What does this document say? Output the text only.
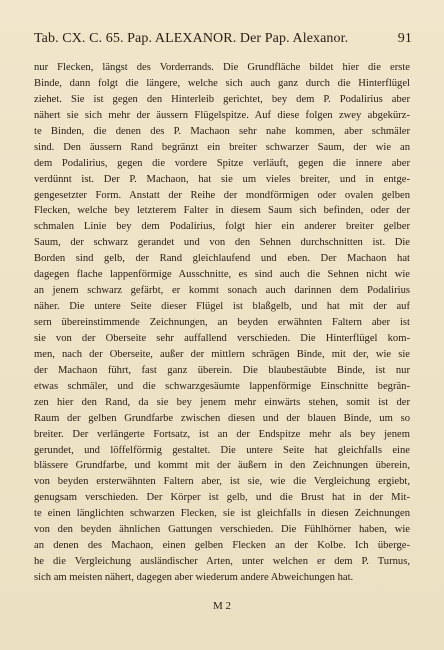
Tab. CX. C. 65. Pap. ALEXANOR. Der Pap. Alexanor.	91
nur Flecken, längst des Vorderrands. Die Grundfläche bildet hier die erste
Binde, dann folgt die längere, welche sich auch ganz durch die Hinterflügel
ziehet. Sie ist gegen den Hinterleib gerichtet, bey dem P. Podalirius aber
nähert sie sich mehr der äussern Flügelspitze. Auf diese folgen zwey abgekürz-
te Binden, die denen des P. Machaon sehr nahe kommen, aber schmäler
sind. Den äussern Rand begränzt ein breiter schwarzer Saum, der wie an
dem Podalirius, gegen die vordere Spitze verläuft, gegen die innere aber
verdünnt ist. Der P. Machaon, hat sie um vieles breiter, und in entge-
gengesetzter Form. Anstatt der Reihe der mondförmigen oder ovalen gelben
Flecken, welche bey letzterem Falter in diesem Saum sich befinden, oder der
schmalen Linie bey dem Podalirius, folgt hier ein anderer breiter gelber
Saum, der schwarz gerandet und von den Sehnen durchschnitten ist. Die
Borden sind gelb, der Rand gleichlaufend und eben. Der Machaon hat
dagegen flache lappenförmige Ausschnitte, es sind auch die Sehnen nicht wie
an jenem schwarz gefärbt, er kommt sonach auch darinnen dem Podalirius
näher. Die untere Seite dieser Flügel ist blaßgelb, und hat mit der auf
sern übereinstimmende Zeichnungen, an beyden erwähnten Faltern aber ist
sie von der Oberseite sehr auffallend verschieden. Die Hinterflügel kom-
men, nach der Oberseite, außer der mittlern schrägen Binde, mit der, wie sie
der Machaon führt, fast ganz überein. Die blaubestäubte Binde, ist nur
etwas schmäler, und die schwarzgesäumte lappenförmige Einschnitte begrän-
zen hier den Rand, da sie bey jenem mehr einwärts stehen, somit ist der
Raum der gelben Grundfarbe zwischen diesen und der blauen Binde, um so
breiter. Der verlängerte Fortsatz, ist an der Endspitze mehr als bey jenem
gerundet, und löffelförmig gestaltet. Die untere Seite hat gleichfalls eine
blässere Grundfarbe, und kommt mit der äußern in den Zeichnungen überein,
von beyden ersterwähnten Faltern aber, ist sie, wie die Vergleichung ergiebt,
genugsam verschieden. Der Körper ist gelb, und die Brust hat in der Mit-
te einen länglichten schwarzen Flecken, sie ist gleichfalls in diesen Zeichnungen
von den beyden ähnlichen Gattungen verschieden. Die Fühlhörner haben, wie
an denen des Machaon, einen gelben Flecken an der Kolbe. Ich überge-
he die Vergleichung ausländischer Arten, unter welchen er dem P. Turnus,
sich am meisten nähert, dagegen aber wiederum andere Abweichungen hat.
M 2
